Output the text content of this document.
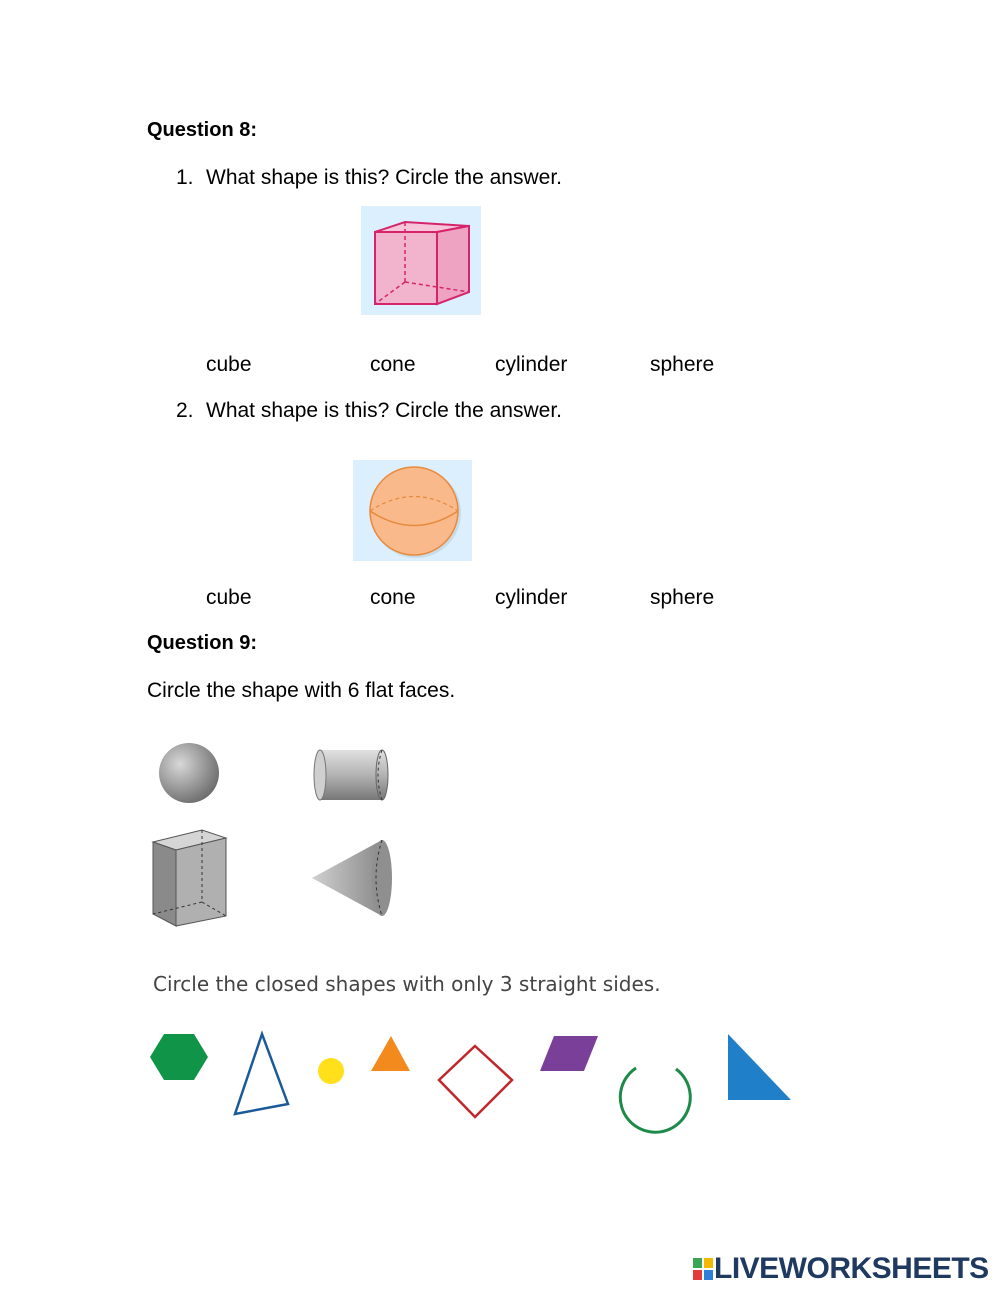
Question 8:
1. What shape is this? Circle the answer.
cube	cone	cylinder	sphere
2. What shape is this? Circle the answer.
cube	cone	cylinder	sphere
Question 9:
Circle the shape with 6 flat faces.
Circle the closed shapes with only 3 straight sides.
LIVEWORKSHEETS
